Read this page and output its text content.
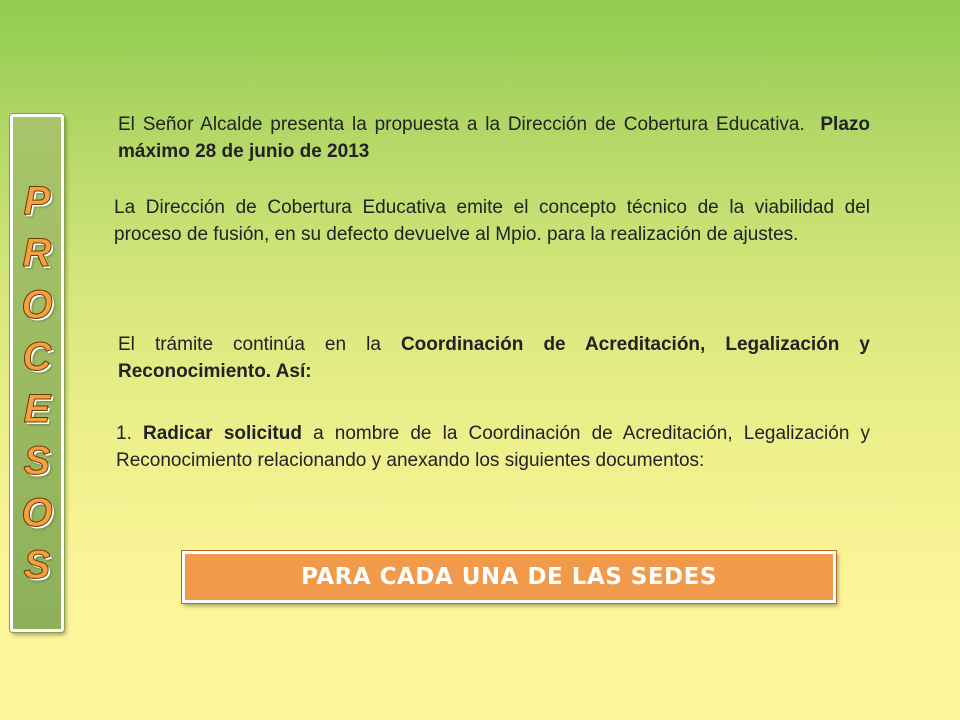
P
R
O
C
E
S
O
S
El Señor Alcalde presenta la propuesta a la Dirección de Cobertura Educativa. Plazo máximo 28 de junio de 2013
La Dirección de Cobertura Educativa emite el concepto técnico de la viabilidad del proceso de fusión, en su defecto devuelve al Mpio. para la realización de ajustes.
El trámite continúa en la Coordinación de Acreditación, Legalización y Reconocimiento. Así:
1. Radicar solicitud a nombre de la Coordinación de Acreditación, Legalización y Reconocimiento relacionando y anexando los siguientes documentos:
PARA CADA UNA DE LAS SEDES
